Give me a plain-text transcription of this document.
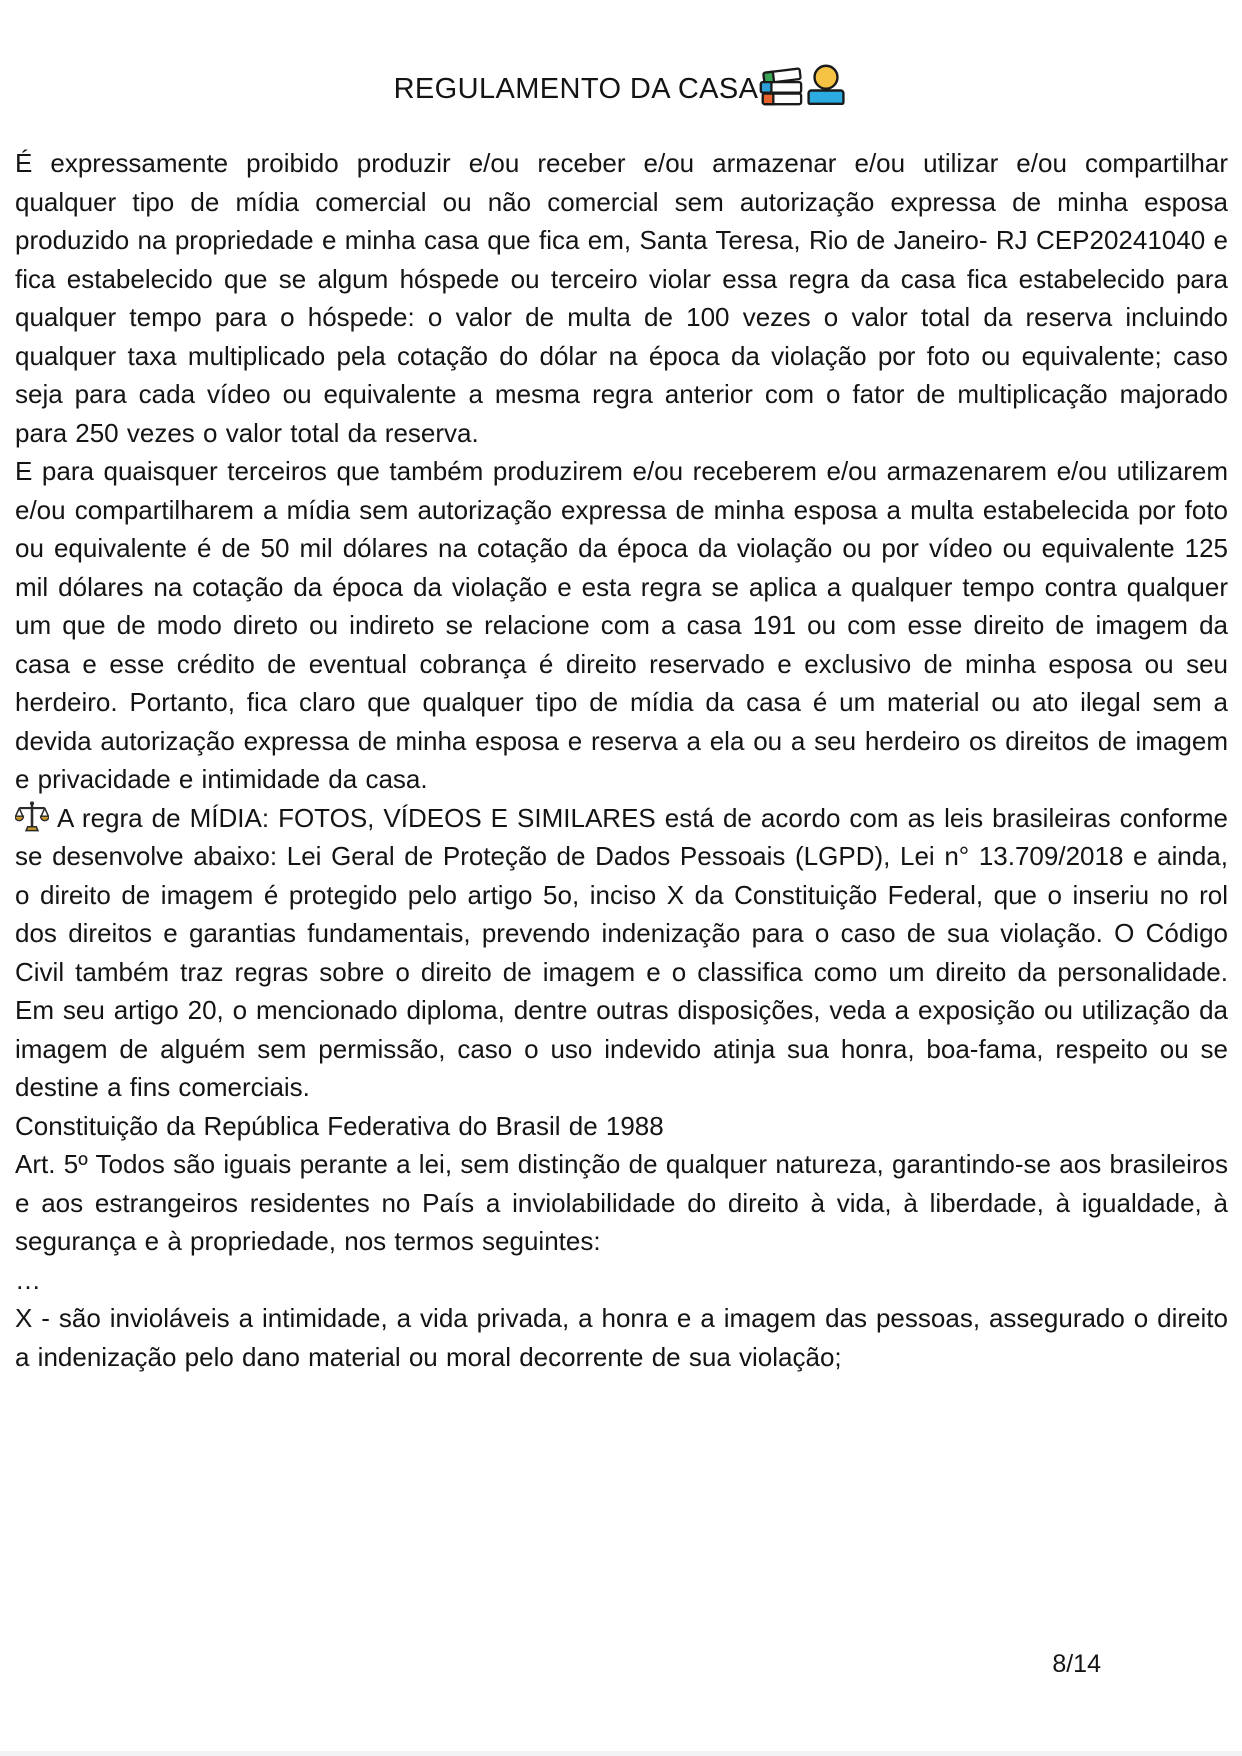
REGULAMENTO DA CASA

É expressamente proibido produzir e/ou receber e/ou armazenar e/ou utilizar e/ou compartilhar qualquer tipo de mídia comercial ou não comercial sem autorização expressa de minha esposa produzido na propriedade e minha casa que fica em, Santa Teresa, Rio de Janeiro- RJ CEP20241040 e fica estabelecido que se algum hóspede ou terceiro violar essa regra da casa fica estabelecido para qualquer tempo para o hóspede: o valor de multa de 100 vezes o valor total da reserva incluindo qualquer taxa multiplicado pela cotação do dólar na época da violação por foto ou equivalente; caso seja para cada vídeo ou equivalente a mesma regra anterior com o fator de multiplicação majorado para 250 vezes o valor total da reserva.

E para quaisquer terceiros que também produzirem e/ou receberem e/ou armazenarem e/ou utilizarem e/ou compartilharem a mídia sem autorização expressa de minha esposa a multa estabelecida por foto ou equivalente é de 50 mil dólares na cotação da época da violação ou por vídeo ou equivalente 125 mil dólares na cotação da época da violação e esta regra se aplica a qualquer tempo contra qualquer um que de modo direto ou indireto se relacione com a casa 191 ou com esse direito de imagem da casa e esse crédito de eventual cobrança é direito reservado e exclusivo de minha esposa ou seu herdeiro. Portanto, fica claro que qualquer tipo de mídia da casa é um material ou ato ilegal sem a devida autorização expressa de minha esposa e reserva a ela ou a seu herdeiro os direitos de imagem e privacidade e intimidade da casa.

A regra de MÍDIA: FOTOS, VÍDEOS E SIMILARES está de acordo com as leis brasileiras conforme se desenvolve abaixo: Lei Geral de Proteção de Dados Pessoais (LGPD), Lei n° 13.709/2018 e ainda, o direito de imagem é protegido pelo artigo 5o, inciso X da Constituição Federal, que o inseriu no rol dos direitos e garantias fundamentais, prevendo indenização para o caso de sua violação. O Código Civil também traz regras sobre o direito de imagem e o classifica como um direito da personalidade. Em seu artigo 20, o mencionado diploma, dentre outras disposições, veda a exposição ou utilização da imagem de alguém sem permissão, caso o uso indevido atinja sua honra, boa-fama, respeito ou se destine a fins comerciais.

Constituição da República Federativa do Brasil de 1988

Art. 5º Todos são iguais perante a lei, sem distinção de qualquer natureza, garantindo-se aos brasileiros e aos estrangeiros residentes no País a inviolabilidade do direito à vida, à liberdade, à igualdade, à segurança e à propriedade, nos termos seguintes:

…

X - são invioláveis a intimidade, a vida privada, a honra e a imagem das pessoas, assegurado o direito a indenização pelo dano material ou moral decorrente de sua violação;

8/14
